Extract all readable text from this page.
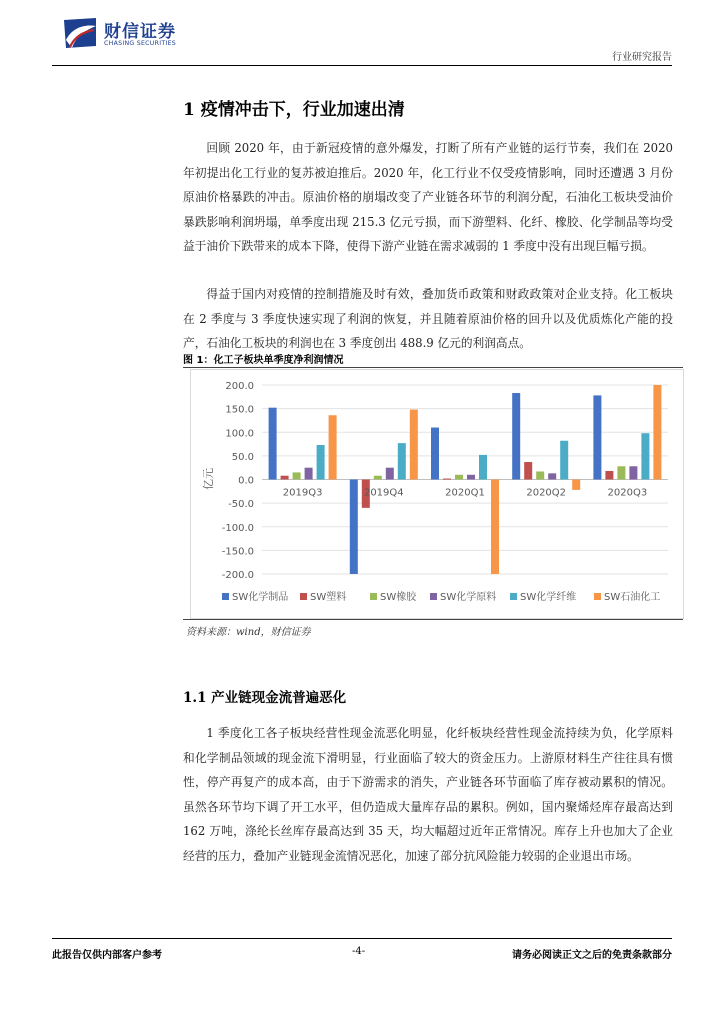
财信证券
CHASING SECURITIES
行业研究报告
1 疫情冲击下，行业加速出清

回顾 2020 年，由于新冠疫情的意外爆发，打断了所有产业链的运行节奏，我们在 2020 年初提出化工行业的复苏被迫推后。2020 年，化工行业不仅受疫情影响，同时还遭遇 3 月份原油价格暴跌的冲击。原油价格的崩塌改变了产业链各环节的利润分配，石油化工板块受油价暴跌影响利润坍塌，单季度出现 215.3 亿元亏损，而下游塑料、化纤、橡胶、化学制品等均受益于油价下跌带来的成本下降，使得下游产业链在需求减弱的 1 季度中没有出现巨幅亏损。

得益于国内对疫情的控制措施及时有效，叠加货币政策和财政政策对企业支持。化工板块在 2 季度与 3 季度快速实现了利润的恢复，并且随着原油价格的回升以及优质炼化产能的投产，石油化工板块的利润也在 3 季度创出 488.9 亿元的利润高点。

图 1：化工子板块单季度净利润情况
200.0
150.0
100.0
50.0
0.0
-50.0
-100.0
-150.0
-200.0
2019Q3	2019Q4	2020Q1	2020Q2	2020Q3
亿元
SW化学制品 SW塑料	SW橡胶 SW化学原料 SW化学纤维	SW石油化工
资料来源：wind，财信证券
1.1 产业链现金流普遍恶化

1 季度化工各子板块经营性现金流恶化明显，化纤板块经营性现金流持续为负，化学原料和化学制品领域的现金流下滑明显，行业面临了较大的资金压力。上游原材料生产往往具有惯性，停产再复产的成本高，由于下游需求的消失，产业链各环节面临了库存被动累积的情况。虽然各环节均下调了开工水平，但仍造成大量库存品的累积。例如，国内聚烯烃库存最高达到 162 万吨，涤纶长丝库存最高达到 35 天，均大幅超过近年正常情况。库存上升也加大了企业经营的压力，叠加产业链现金流情况恶化，加速了部分抗风险能力较弱的企业退出市场。

此报告仅供内部客户参考	-4-	请务必阅读正文之后的免责条款部分
